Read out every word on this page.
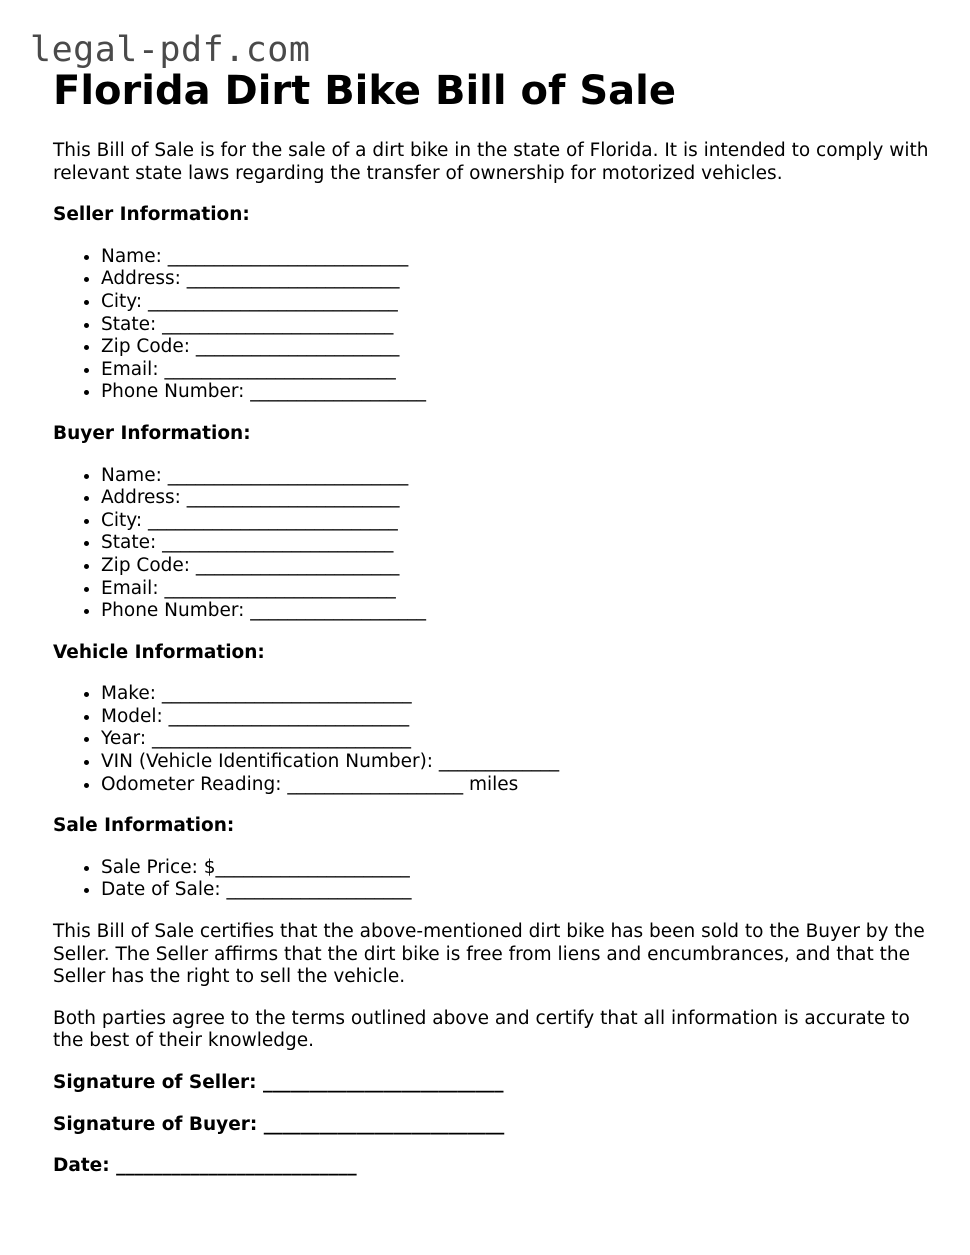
legal-pdf.com
Florida Dirt Bike Bill of Sale

This Bill of Sale is for the sale of a dirt bike in the state of Florida. It is intended to comply with relevant state laws regarding the transfer of ownership for motorized vehicles.

Seller Information:
• Name: __________________________
• Address: _______________________
• City: ___________________________
• State: _________________________
• Zip Code: ______________________
• Email: _________________________
• Phone Number: ___________________
Buyer Information:
• Name: __________________________
• Address: _______________________
• City: ___________________________
• State: _________________________
• Zip Code: ______________________
• Email: _________________________
• Phone Number: ___________________
Vehicle Information:
• Make: ___________________________
• Model: __________________________
• Year: ____________________________
• VIN (Vehicle Identification Number): _____________
• Odometer Reading: ___________________ miles
Sale Information:
• Sale Price: $_____________________
• Date of Sale: ____________________

This Bill of Sale certifies that the above-mentioned dirt bike has been sold to the Buyer by the Seller. The Seller affirms that the dirt bike is free from liens and encumbrances, and that the Seller has the right to sell the vehicle.

Both parties agree to the terms outlined above and certify that all information is accurate to the best of their knowledge.

Signature of Seller: __________________________
Signature of Buyer: __________________________
Date: __________________________
